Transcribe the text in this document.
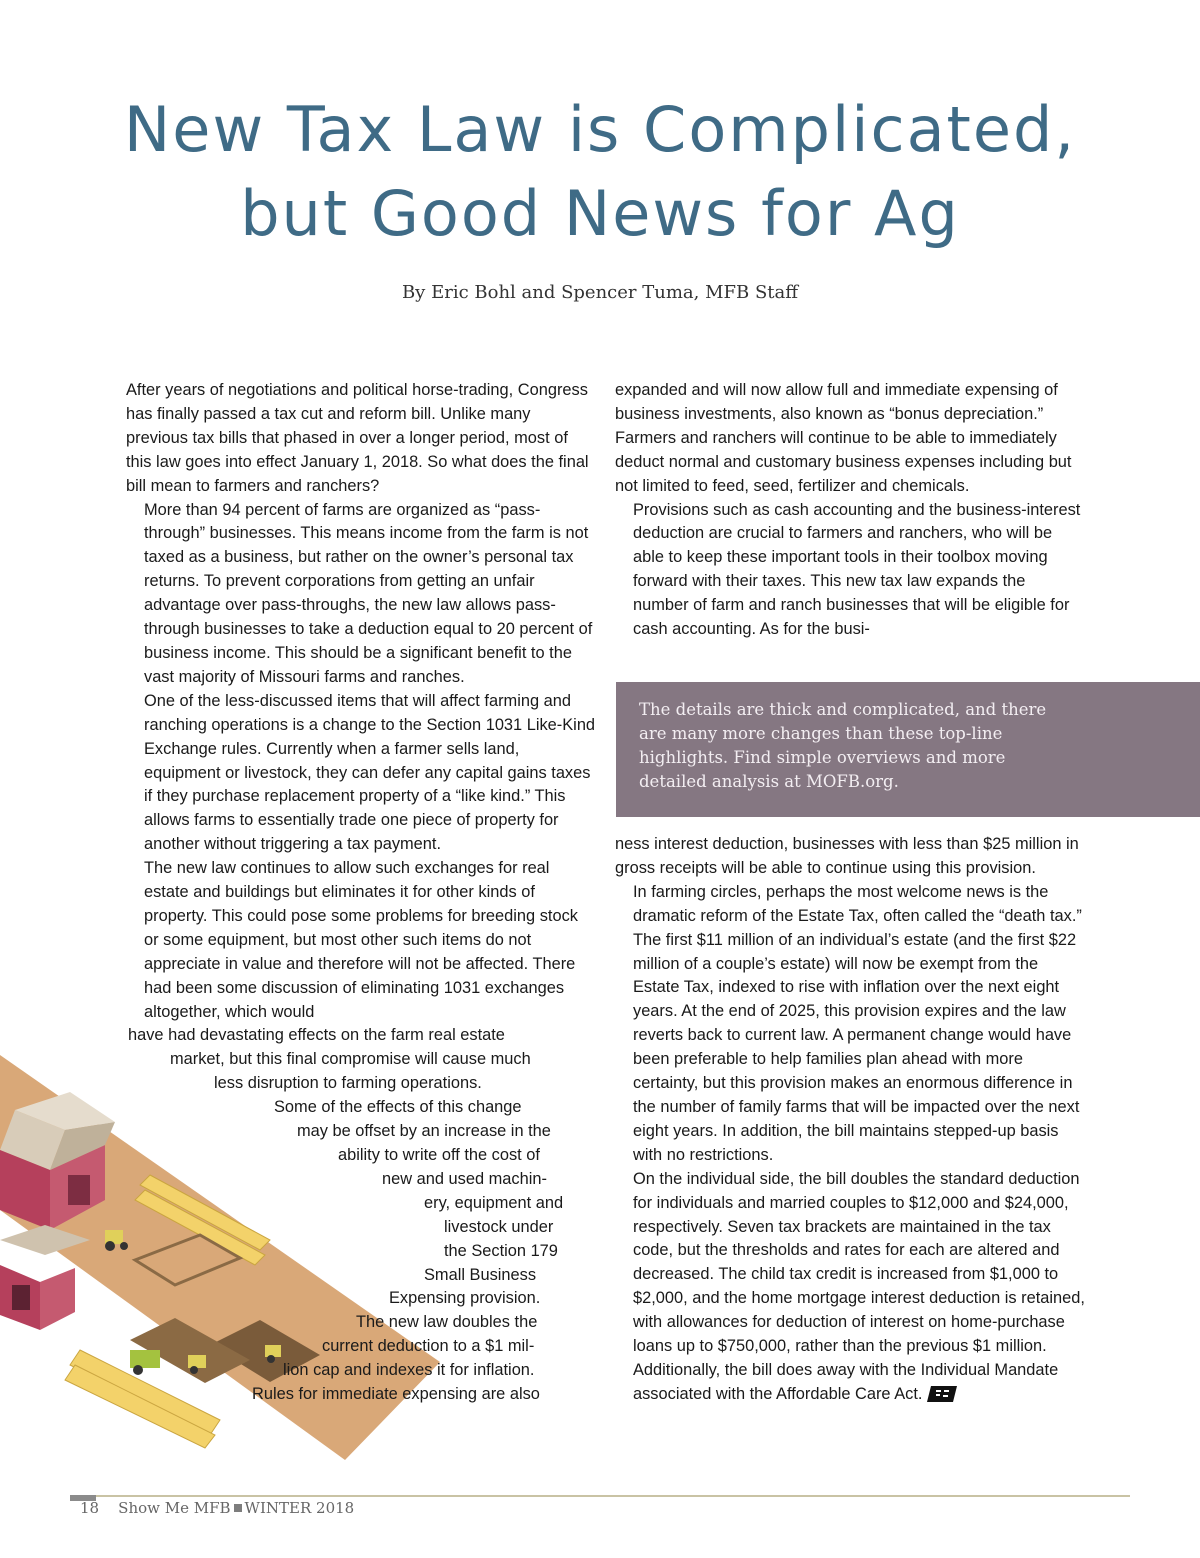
New Tax Law is Complicated,
but Good News for Ag
By Eric Bohl and Spencer Tuma, MFB Staff

After years of negotiations and political horse-trading, Congress has finally passed a tax cut and reform bill. Unlike many previous tax bills that phased in over a longer period, most of this law goes into effect January 1, 2018. So what does the final bill mean to farmers and ranchers?

More than 94 percent of farms are organized as “pass-through” businesses. This means income from the farm is not taxed as a business, but rather on the owner’s personal tax returns. To prevent corporations from getting an unfair advantage over pass-throughs, the new law allows pass-through businesses to take a deduction equal to 20 percent of business income. This should be a significant benefit to the vast majority of Missouri farms and ranches.

One of the less-discussed items that will affect farming and ranching operations is a change to the Section 1031 Like-Kind Exchange rules. Currently when a farmer sells land, equipment or livestock, they can defer any capital gains taxes if they purchase replacement property of a “like kind.” This allows farms to essentially trade one piece of property for another without triggering a tax payment.

The new law continues to allow such exchanges for real estate and buildings but eliminates it for other kinds of property. This could pose some problems for breeding stock or some equipment, but most other such items do not appreciate in value and therefore will not be affected. There had been some discussion of eliminating 1031 exchanges altogether, which would

have had devastating effects on the farm real estate
market, but this final compromise will cause much
less disruption to farming operations.
Some of the effects of this change
may be offset by an increase in the
ability to write off the cost of
new and used machin-
ery, equipment and
livestock under
the Section 179
Small Business
Expensing provision.
The new law doubles the
current deduction to a $1 mil-
lion cap and indexes it for inflation.
Rules for immediate expensing are also

expanded and will now allow full and immediate expensing of business investments, also known as “bonus depreciation.” Farmers and ranchers will continue to be able to immediately deduct normal and customary business expenses including but not limited to feed, seed, fertilizer and chemicals.

Provisions such as cash accounting and the business-interest deduction are crucial to farmers and ranchers, who will be able to keep these important tools in their toolbox moving forward with their taxes. This new tax law expands the number of farm and ranch businesses that will be eligible for cash accounting. As for the busi-

The details are thick and complicated, and there are many more changes than these top-line highlights. Find simple overviews and more detailed analysis at MOFB.org.

ness interest deduction, businesses with less than $25 million in gross receipts will be able to continue using this provision.

In farming circles, perhaps the most welcome news is the dramatic reform of the Estate Tax, often called the “death tax.” The first $11 million of an individual’s estate (and the first $22 million of a couple’s estate) will now be exempt from the Estate Tax, indexed to rise with inflation over the next eight years. At the end of 2025, this provision expires and the law reverts back to current law. A permanent change would have been preferable to help families plan ahead with more certainty, but this provision makes an enormous difference in the number of family farms that will be impacted over the next eight years. In addition, the bill maintains stepped-up basis with no restrictions.

On the individual side, the bill doubles the standard deduction for individuals and married couples to $12,000 and $24,000, respectively. Seven tax brackets are maintained in the tax code, but the thresholds and rates for each are altered and decreased. The child tax credit is increased from $1,000 to $2,000, and the home mortgage interest deduction is retained, with allowances for deduction of interest on home-purchase loans up to $750,000, rather than the previous $1 million. Additionally, the bill does away with the Individual Mandate associated with the Affordable Care Act.

18 Show Me MFB WINTER 2018
